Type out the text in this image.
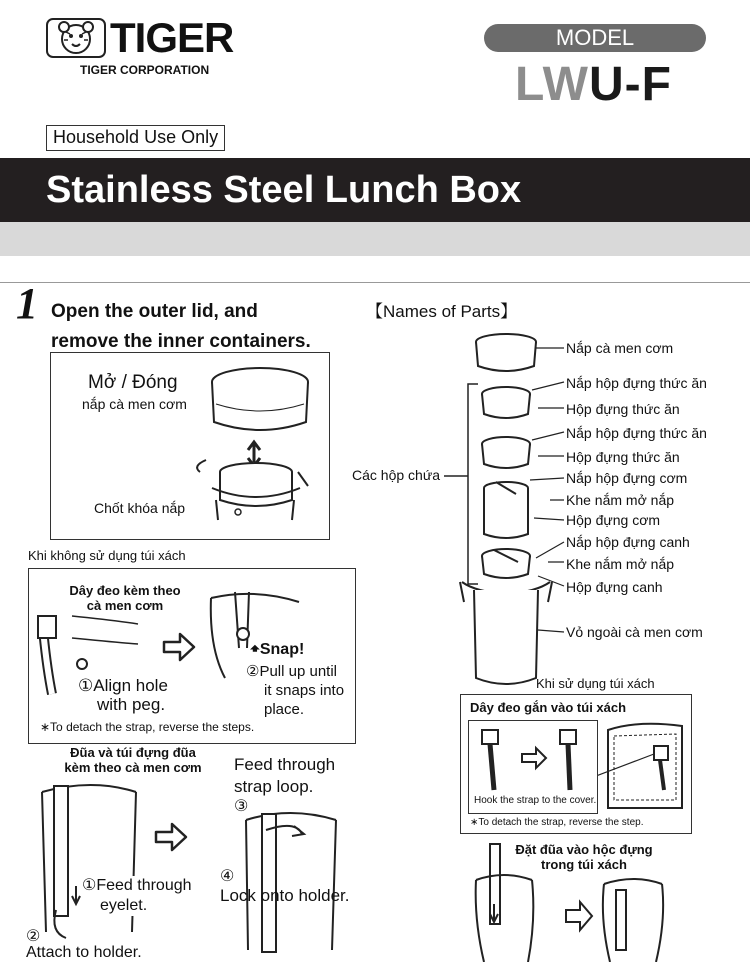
TIGER
TIGER CORPORATION
MODEL
LWU-F
Household Use Only
Stainless Steel Lunch Box
1 Open the outer lid, and
remove the inner containers.
Mở / Đóng
nắp cà men cơm
Chốt khóa nắp
Khi không sử dụng túi xách
Dây đeo kèm theo
cà men cơm
🠹Snap!
①Align hole
with peg.
②Pull up until
it snaps into
place.
∗To detach the strap, reverse the steps.
Đũa và túi đựng đũa
kèm theo cà men cơm	Feed through
strap loop.
③
④
Lock onto holder.
①Feed through
eyelet.
②
Attach to holder.
【Names of Parts】
Các hộp chứa
Nắp cà men cơm
Nắp hộp đựng thức ăn
Hộp đựng thức ăn
Nắp hộp đựng thức ăn
Hộp đựng thức ăn
Nắp hộp đựng cơm
Khe nắm mở nắp
Hộp đựng cơm
Nắp hộp đựng canh
Khe nắm mở nắp
Hộp đựng canh
Vỏ ngoài cà men cơm
Khi sử dụng túi xách
Dây đeo gắn vào túi xách
Hook the strap to the cover.
∗To detach the strap, reverse the step.
Đặt đũa vào hộc đựng
trong túi xách
